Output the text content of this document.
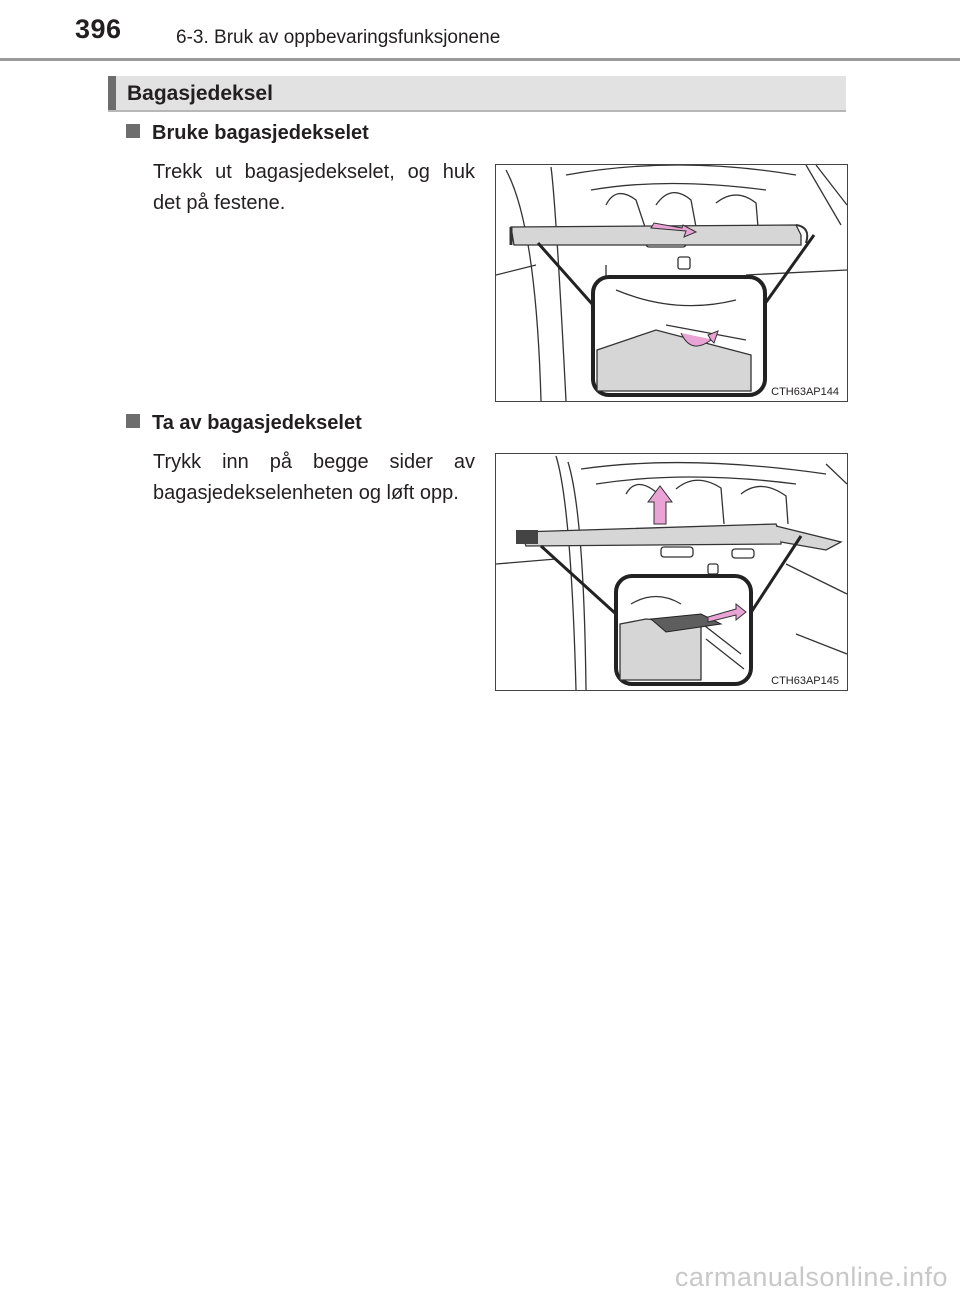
396	6-3. Bruk av oppbevaringsfunksjonene
Bagasjedeksel
Bruke bagasjedekselet
Trekk ut bagasjedekselet, og huk det på festene.
CTH63AP144
Ta av bagasjedekselet
Trykk inn på begge sider av bagasjedekselenheten og løft opp.
CTH63AP145
carmanualsonline.info
